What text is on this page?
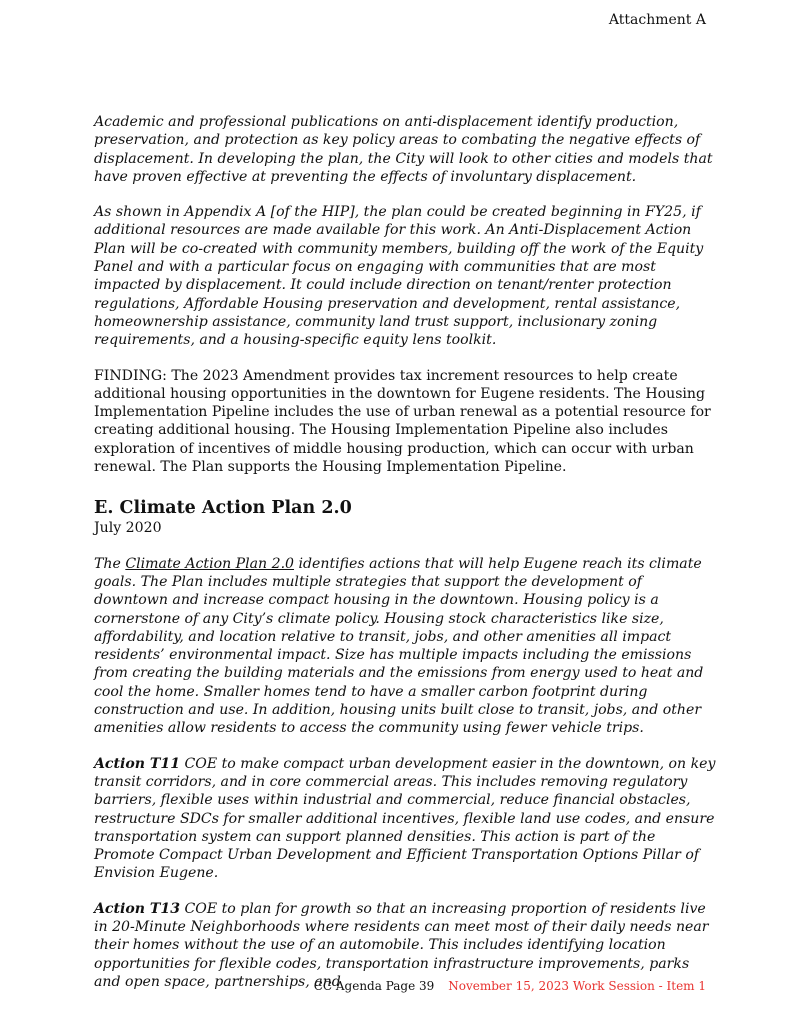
Attachment A

Academic and professional publications on anti-displacement identify production, preservation, and protection as key policy areas to combating the negative effects of displacement. In developing the plan, the City will look to other cities and models that have proven effective at preventing the effects of involuntary displacement.

As shown in Appendix A [of the HIP], the plan could be created beginning in FY25, if additional resources are made available for this work. An Anti-Displacement Action Plan will be co-created with community members, building off the work of the Equity Panel and with a particular focus on engaging with communities that are most impacted by displacement. It could include direction on tenant/renter protection regulations, Affordable Housing preservation and development, rental assistance, homeownership assistance, community land trust support, inclusionary zoning requirements, and a housing-specific equity lens toolkit.

FINDING: The 2023 Amendment provides tax increment resources to help create additional housing opportunities in the downtown for Eugene residents. The Housing Implementation Pipeline includes the use of urban renewal as a potential resource for creating additional housing. The Housing Implementation Pipeline also includes exploration of incentives of middle housing production, which can occur with urban renewal. The Plan supports the Housing Implementation Pipeline.

E. Climate Action Plan 2.0

July 2020

The Climate Action Plan 2.0 identifies actions that will help Eugene reach its climate goals. The Plan includes multiple strategies that support the development of downtown and increase compact housing in the downtown. Housing policy is a cornerstone of any City’s climate policy. Housing stock characteristics like size, affordability, and location relative to transit, jobs, and other amenities all impact residents’ environmental impact. Size has multiple impacts including the emissions from creating the building materials and the emissions from energy used to heat and cool the home. Smaller homes tend to have a smaller carbon footprint during construction and use. In addition, housing units built close to transit, jobs, and other amenities allow residents to access the community using fewer vehicle trips.

Action T11 COE to make compact urban development easier in the downtown, on key transit corridors, and in core commercial areas. This includes removing regulatory barriers, flexible uses within industrial and commercial, reduce financial obstacles, restructure SDCs for smaller additional incentives, flexible land use codes, and ensure transportation system can support planned densities. This action is part of the Promote Compact Urban Development and Efficient Transportation Options Pillar of Envision Eugene.

Action T13 COE to plan for growth so that an increasing proportion of residents live in 20-Minute Neighborhoods where residents can meet most of their daily needs near their homes without the use of an automobile. This includes identifying location opportunities for flexible codes, transportation infrastructure improvements, parks and open space, partnerships, and

CC Agenda Page 39 November 15, 2023 Work Session - Item 1
